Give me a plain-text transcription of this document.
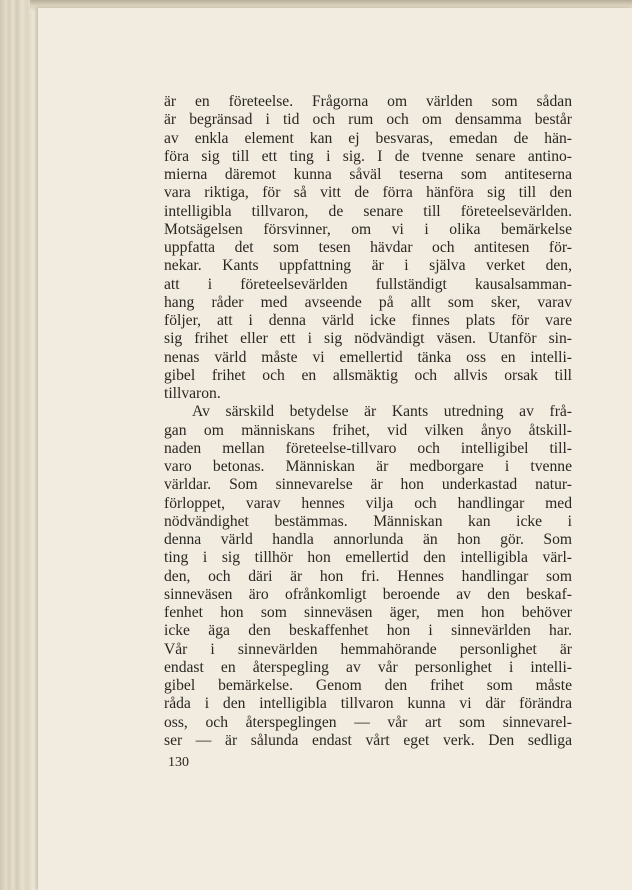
är en företeelse. Frågorna om världen som sådan
är begränsad i tid och rum och om densamma består
av enkla element kan ej besvaras, emedan de hän-
föra sig till ett ting i sig. I de tvenne senare antino-
mierna däremot kunna såväl teserna som antiteserna
vara riktiga, för så vitt de förra hänföra sig till den
intelligibla tillvaron, de senare till företeelsevärlden.
Motsägelsen försvinner, om vi i olika bemärkelse
uppfatta det som tesen hävdar och antitesen för-
nekar. Kants uppfattning är i själva verket den,
att i företeelsevärlden fullständigt kausalsamman-
hang råder med avseende på allt som sker, varav
följer, att i denna värld icke finnes plats för vare
sig frihet eller ett i sig nödvändigt väsen. Utanför sin-
nenas värld måste vi emellertid tänka oss en intelli-
gibel frihet och en allsmäktig och allvis orsak till
tillvaron.
Av särskild betydelse är Kants utredning av frå-
gan om människans frihet, vid vilken ånyo åtskill-
naden mellan företeelse-tillvaro och intelligibel till-
varo betonas. Människan är medborgare i tvenne
världar. Som sinnevarelse är hon underkastad natur-
förloppet, varav hennes vilja och handlingar med
nödvändighet bestämmas. Människan kan icke i
denna värld handla annorlunda än hon gör. Som
ting i sig tillhör hon emellertid den intelligibla värl-
den, och däri är hon fri. Hennes handlingar som
sinneväsen äro ofrånkomligt beroende av den beskaf-
fenhet hon som sinneväsen äger, men hon behöver
icke äga den beskaffenhet hon i sinnevärlden har.
Vår i sinnevärlden hemmahörande personlighet är
endast en återspegling av vår personlighet i intelli-
gibel bemärkelse. Genom den frihet som måste
råda i den intelligibla tillvaron kunna vi där förändra
oss, och återspeglingen — vår art som sinnevarel-
ser — är sålunda endast vårt eget verk. Den sedliga
130
